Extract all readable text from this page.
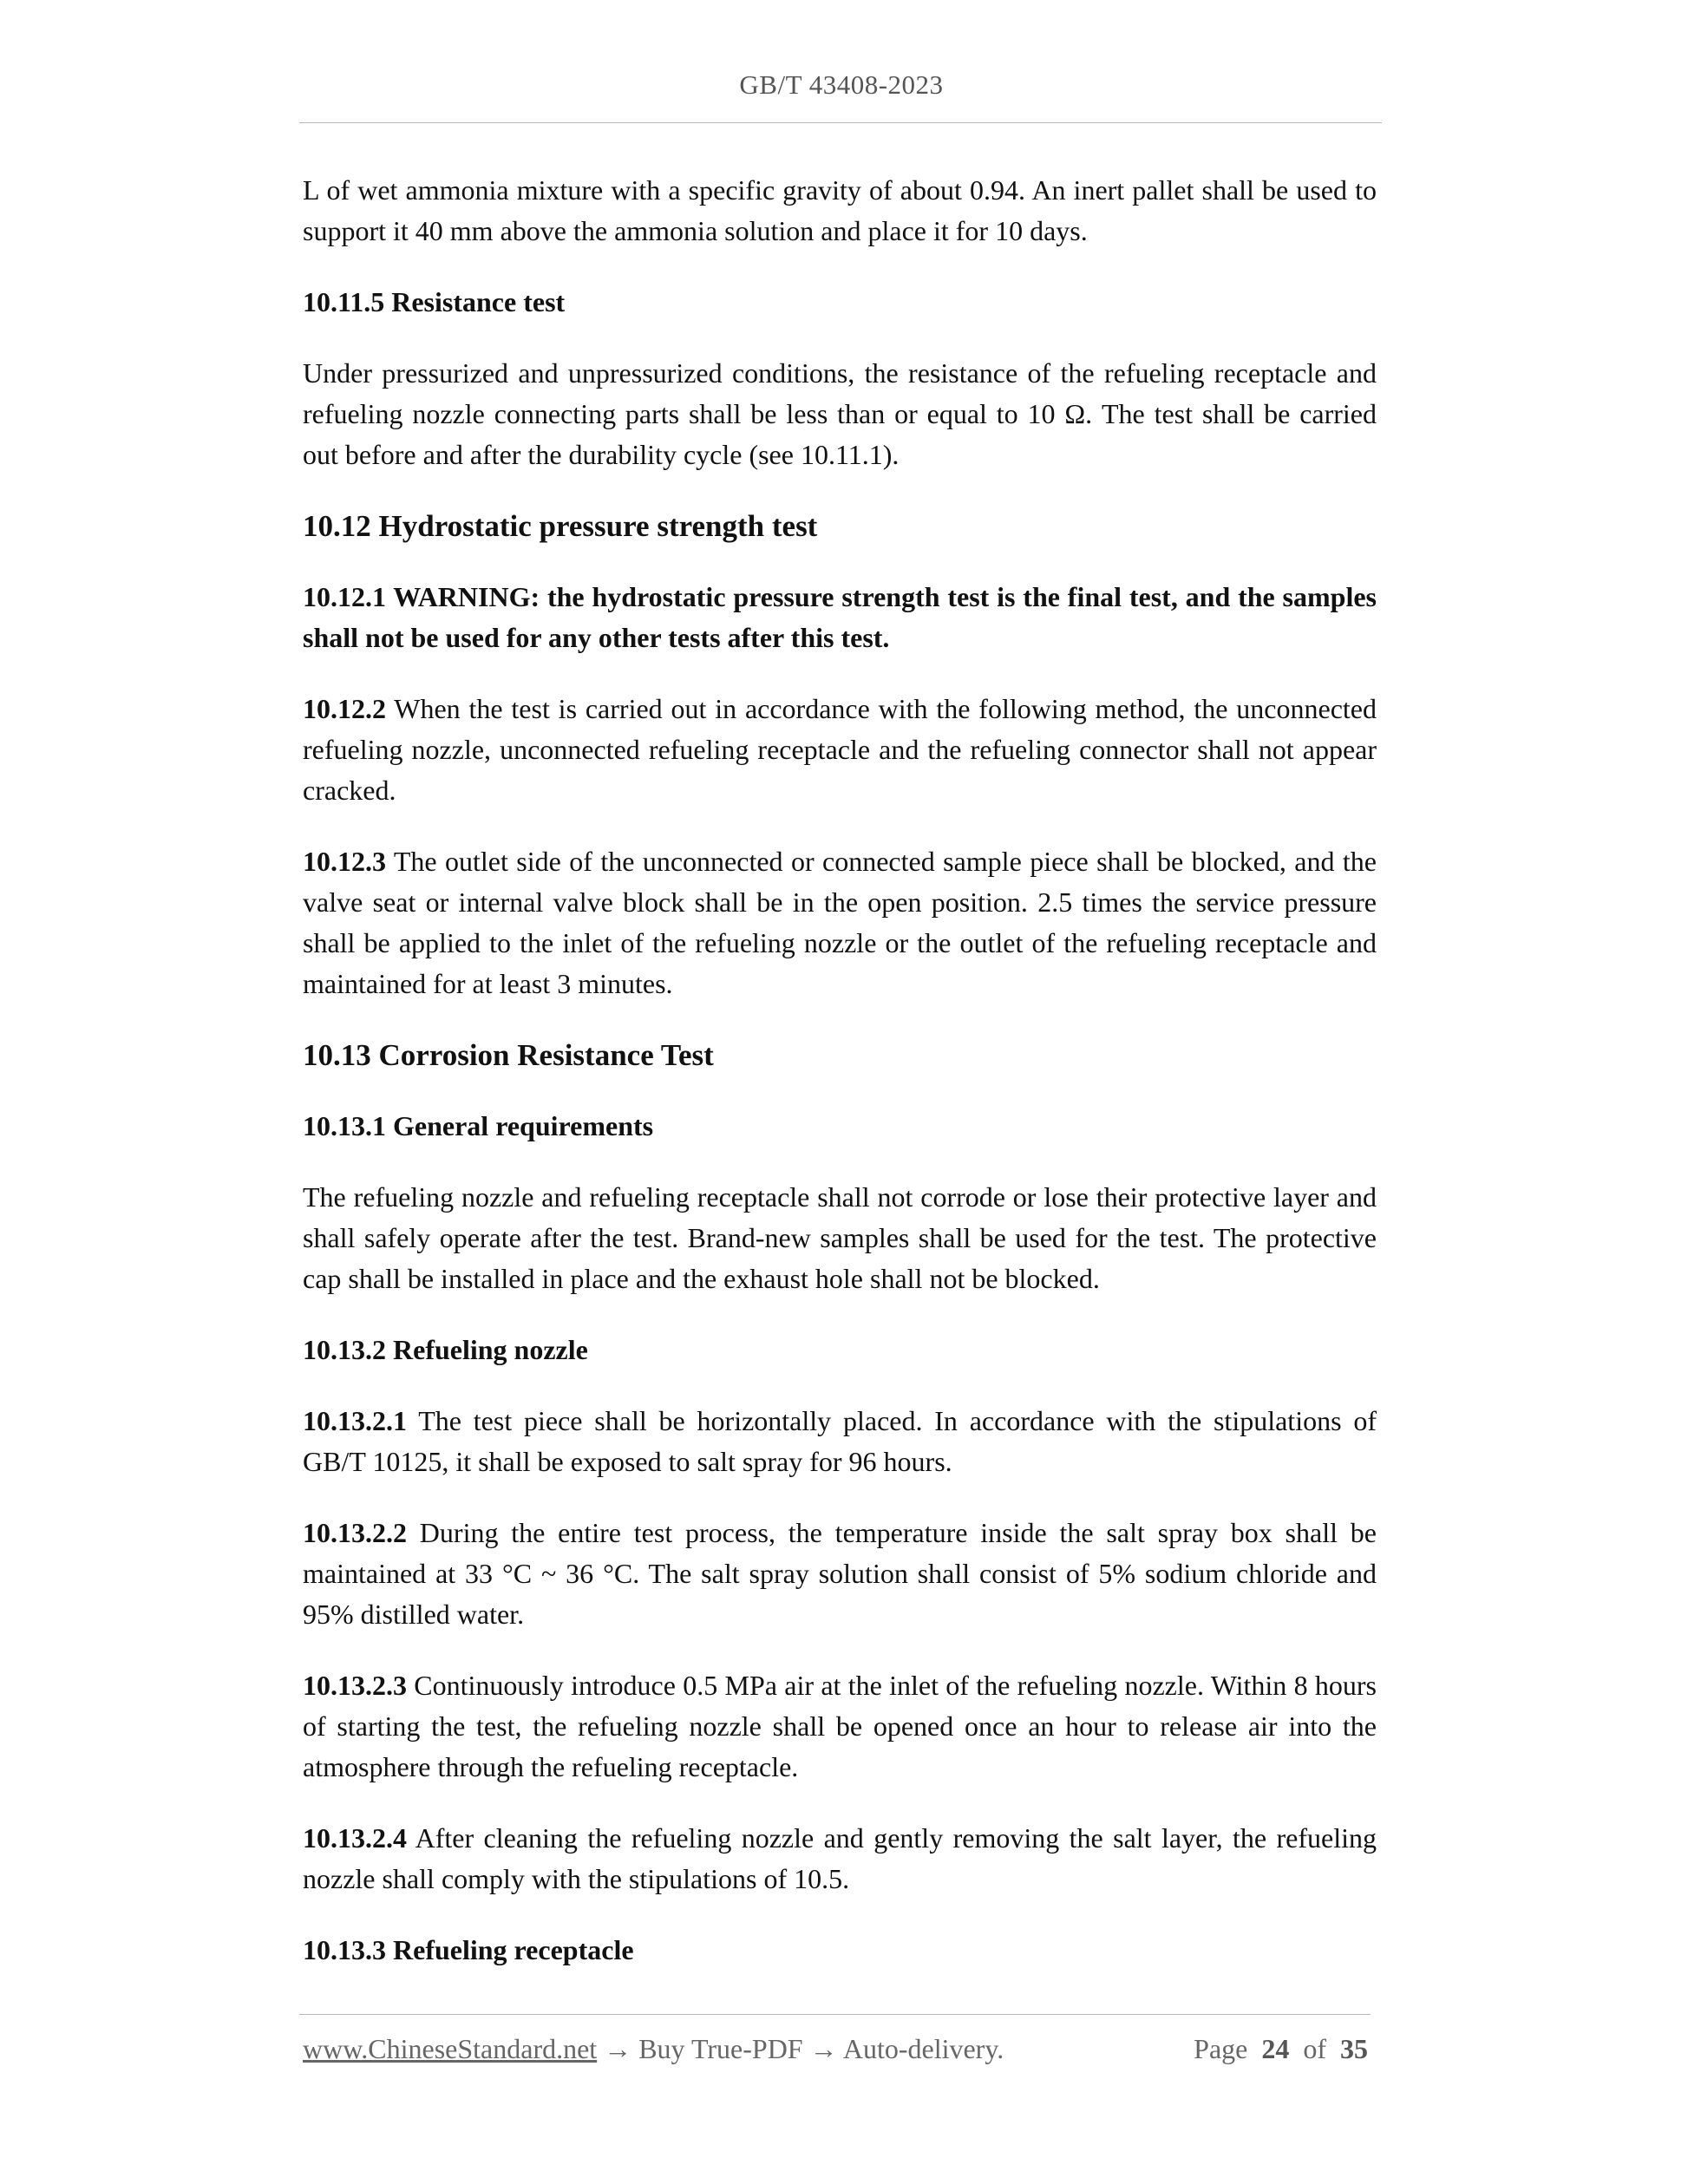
GB/T 43408-2023

L of wet ammonia mixture with a specific gravity of about 0.94. An inert pallet shall be used to support it 40 mm above the ammonia solution and place it for 10 days.

10.11.5 Resistance test

Under pressurized and unpressurized conditions, the resistance of the refueling receptacle and refueling nozzle connecting parts shall be less than or equal to 10 Ω. The test shall be carried out before and after the durability cycle (see 10.11.1).

10.12 Hydrostatic pressure strength test

10.12.1 WARNING: the hydrostatic pressure strength test is the final test, and the samples shall not be used for any other tests after this test.

10.12.2 When the test is carried out in accordance with the following method, the unconnected refueling nozzle, unconnected refueling receptacle and the refueling connector shall not appear cracked.

10.12.3 The outlet side of the unconnected or connected sample piece shall be blocked, and the valve seat or internal valve block shall be in the open position. 2.5 times the service pressure shall be applied to the inlet of the refueling nozzle or the outlet of the refueling receptacle and maintained for at least 3 minutes.

10.13 Corrosion Resistance Test
10.13.1 General requirements

The refueling nozzle and refueling receptacle shall not corrode or lose their protective layer and shall safely operate after the test. Brand-new samples shall be used for the test. The protective cap shall be installed in place and the exhaust hole shall not be blocked.

10.13.2 Refueling nozzle

10.13.2.1 The test piece shall be horizontally placed. In accordance with the stipulations of GB/T 10125, it shall be exposed to salt spray for 96 hours.

10.13.2.2 During the entire test process, the temperature inside the salt spray box shall be maintained at 33 °C ~ 36 °C. The salt spray solution shall consist of 5% sodium chloride and 95% distilled water.

10.13.2.3 Continuously introduce 0.5 MPa air at the inlet of the refueling nozzle. Within 8 hours of starting the test, the refueling nozzle shall be opened once an hour to release air into the atmosphere through the refueling receptacle.

10.13.2.4 After cleaning the refueling nozzle and gently removing the salt layer, the refueling nozzle shall comply with the stipulations of 10.5.

10.13.3 Refueling receptacle
www.ChineseStandard.net → Buy True-PDF → Auto-delivery.	Page 24 of 35
